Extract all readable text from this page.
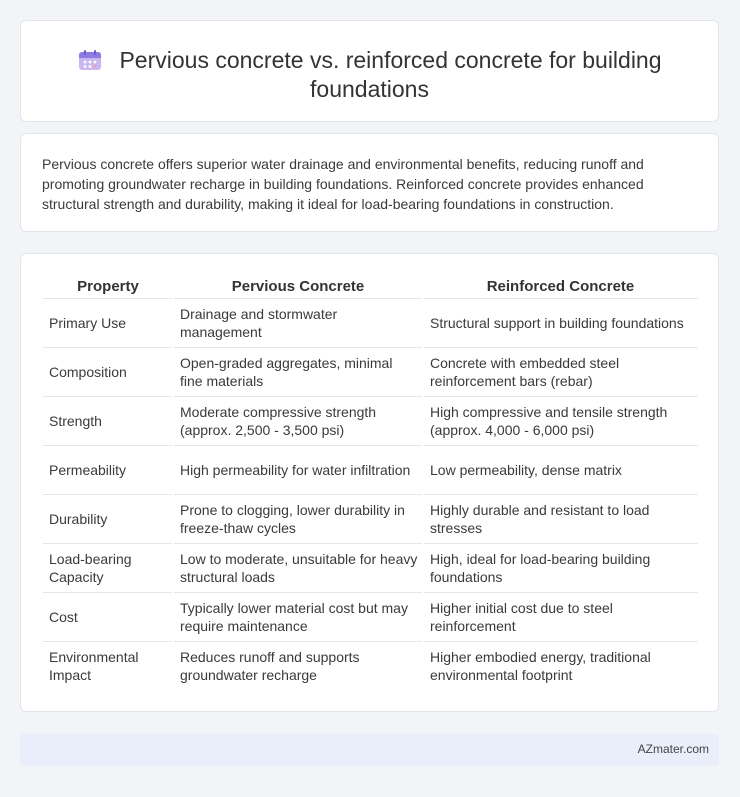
Pervious concrete vs. reinforced concrete for building foundations

Pervious concrete offers superior water drainage and environmental benefits, reducing runoff and promoting groundwater recharge in building foundations. Reinforced concrete provides enhanced structural strength and durability, making it ideal for load-bearing foundations in construction.

Property	Pervious Concrete	Reinforced Concrete
Primary Use	Drainage and stormwater management	Structural support in building foundations
Composition	Open-graded aggregates, minimal fine materials	Concrete with embedded steel reinforcement bars (rebar)
Strength	Moderate compressive strength (approx. 2,500 - 3,500 psi)	High compressive and tensile strength (approx. 4,000 - 6,000 psi)
Permeability	High permeability for water infiltration	Low permeability, dense matrix
Durability	Prone to clogging, lower durability in freeze-thaw cycles	Highly durable and resistant to load stresses
Load-bearing Capacity	Low to moderate, unsuitable for heavy structural loads	High, ideal for load-bearing building foundations
Cost	Typically lower material cost but may require maintenance	Higher initial cost due to steel reinforcement
Environmental Impact	Reduces runoff and supports groundwater recharge	Higher embodied energy, traditional environmental footprint
AZmater.com
